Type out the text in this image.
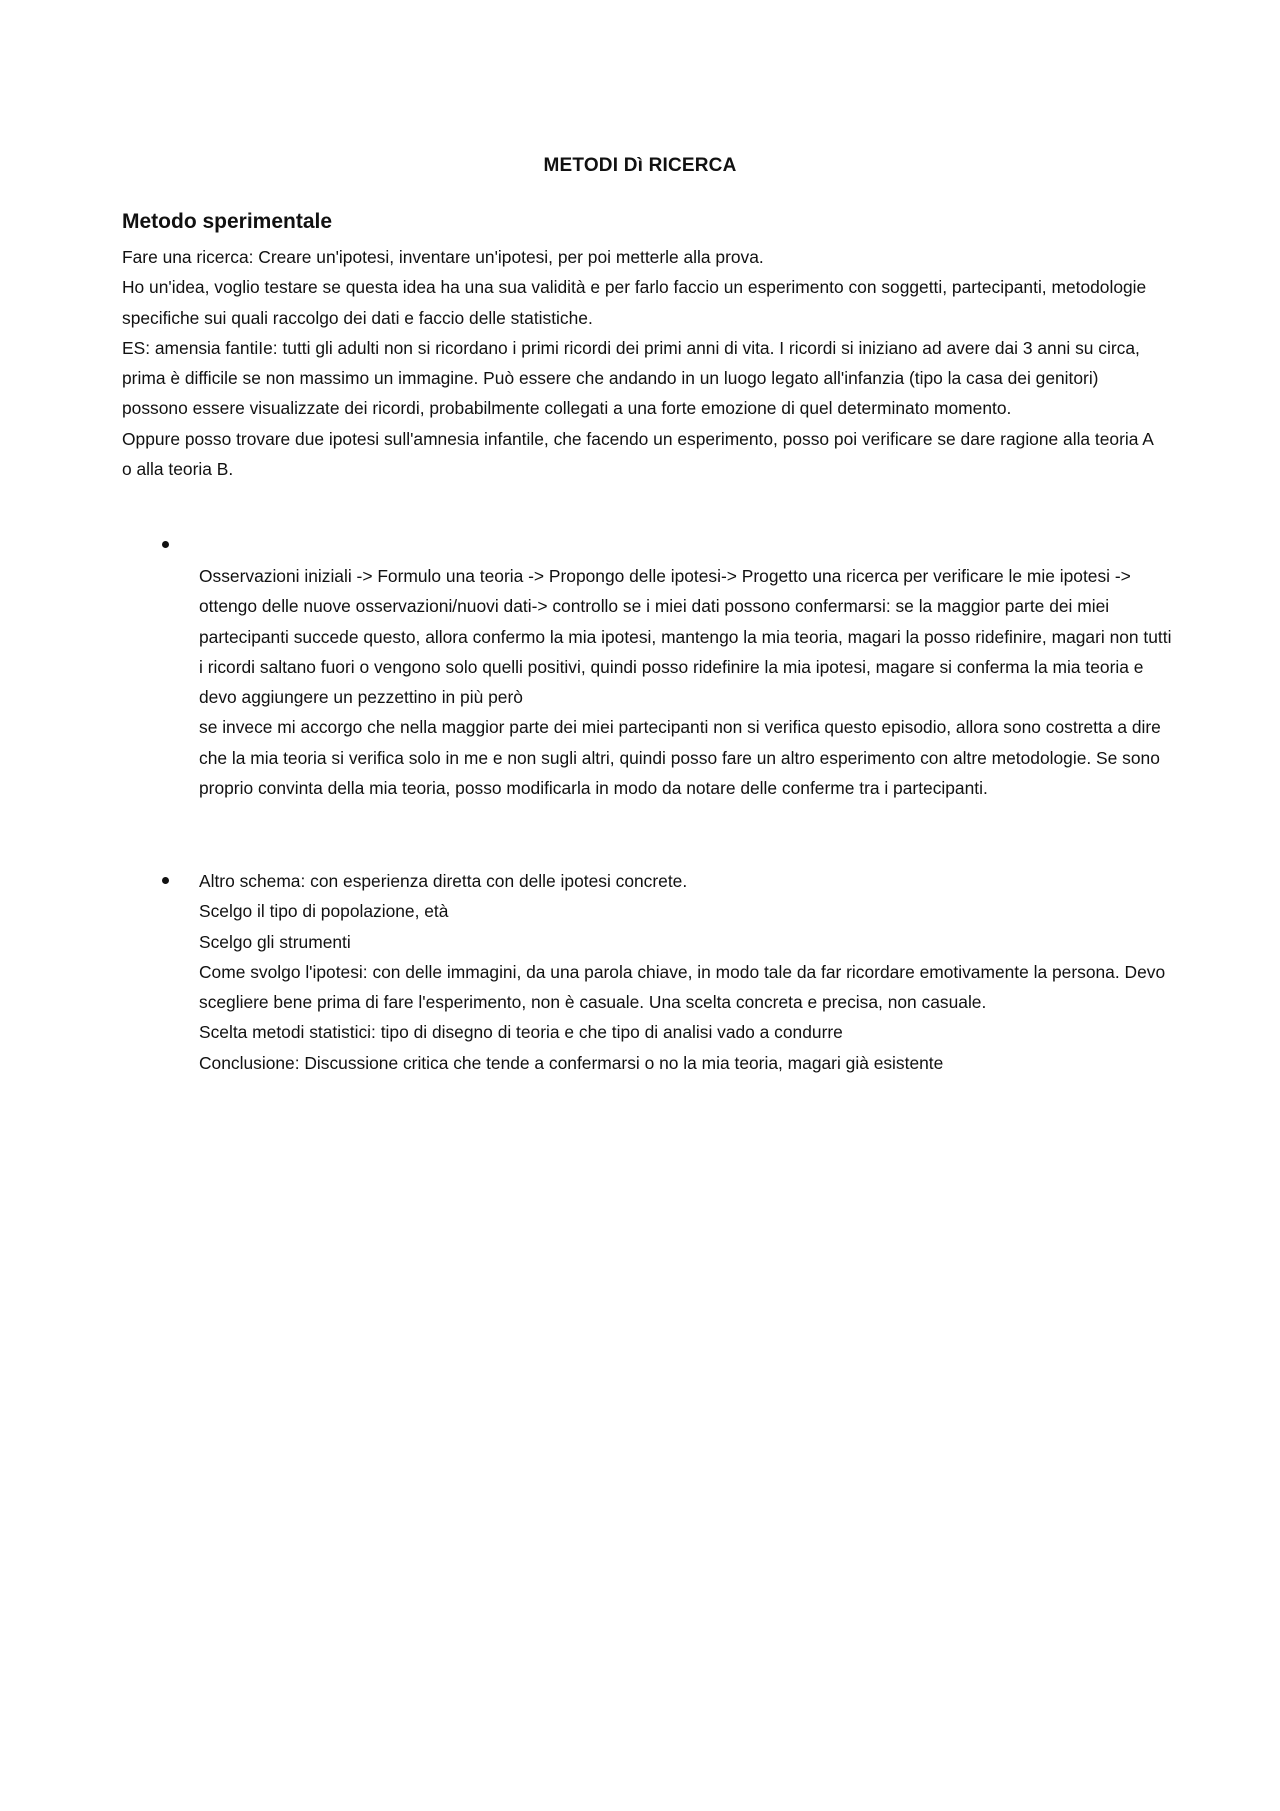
METODI Dì RICERCA
Metodo sperimentale

Fare una ricerca: Creare un'ipotesi, inventare un'ipotesi, per poi metterle alla prova.

Ho un'idea, voglio testare se questa idea ha una sua validità e per farlo faccio un esperimento con soggetti, partecipanti, metodologie specifiche sui quali raccolgo dei dati e faccio delle statistiche.

ES: amensia fantiIe: tutti gli adulti non si ricordano i primi ricordi dei primi anni di vita. I ricordi si iniziano ad avere dai 3 anni su circa, prima è difficile se non massimo un immagine. Può essere che andando in un luogo legato all'infanzia (tipo la casa dei genitori) possono essere visualizzate dei ricordi, probabilmente collegati a una forte emozione di quel determinato momento.

Oppure posso trovare due ipotesi sull'amnesia infantile, che facendo un esperimento, posso poi verificare se dare ragione alla teoria A o alla teoria B.

Osservazioni iniziali -> Formulo una teoria -> Propongo delle ipotesi-> Progetto una ricerca per verificare le mie ipotesi -> ottengo delle nuove osservazioni/nuovi dati-> controllo se i miei dati possono confermarsi: se la maggior parte dei miei partecipanti succede questo, allora confermo la mia ipotesi, mantengo la mia teoria, magari la posso ridefinire, magari non tutti i ricordi saltano fuori o vengono solo quelli positivi, quindi posso ridefinire la mia ipotesi, magare si conferma la mia teoria e devo aggiungere un pezzettino in più però

se invece mi accorgo che nella maggior parte dei miei partecipanti non si verifica questo episodio, allora sono costretta a dire che la mia teoria si verifica solo in me e non sugli altri, quindi posso fare un altro esperimento con altre metodologie. Se sono proprio convinta della mia teoria, posso modificarla in modo da notare delle conferme tra i partecipanti.

Altro schema: con esperienza diretta con delle ipotesi concrete.

Scelgo il tipo di popolazione, età

Scelgo gli strumenti

Come svolgo l'ipotesi: con delle immagini, da una parola chiave, in modo tale da far ricordare emotivamente la persona. Devo scegliere bene prima di fare l'esperimento, non è casuale. Una scelta concreta e precisa, non casuale.

Scelta metodi statistici: tipo di disegno di teoria e che tipo di analisi vado a condurre

Conclusione: Discussione critica che tende a confermarsi o no la mia teoria, magari già esistente
